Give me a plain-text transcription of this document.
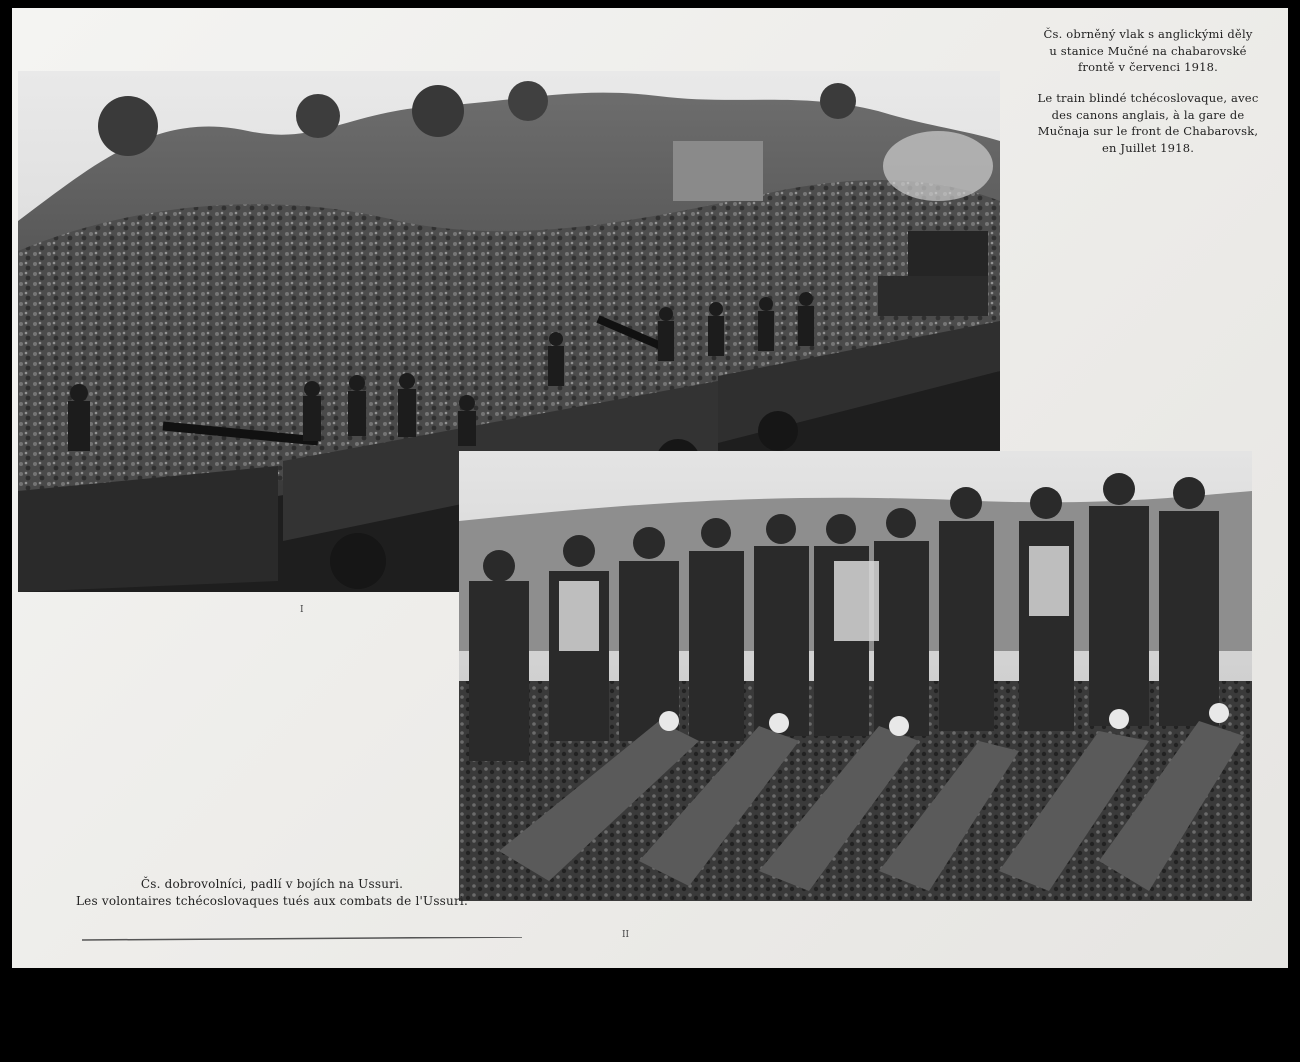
Čs. obrněný vlak s anglickými děly
u stanice Mučné na chabarovské
frontě v červenci 1918.
Le train blindé tchécoslovaque, avec
des canons anglais, à la gare de
Mučnaja sur le front de Chabarovsk,
en Juillet 1918.
I
Čs. dobrovolníci, padlí v bojích na Ussuri.
Les volontaires tchécoslovaques tués aux combats de l'Ussuri.
II
